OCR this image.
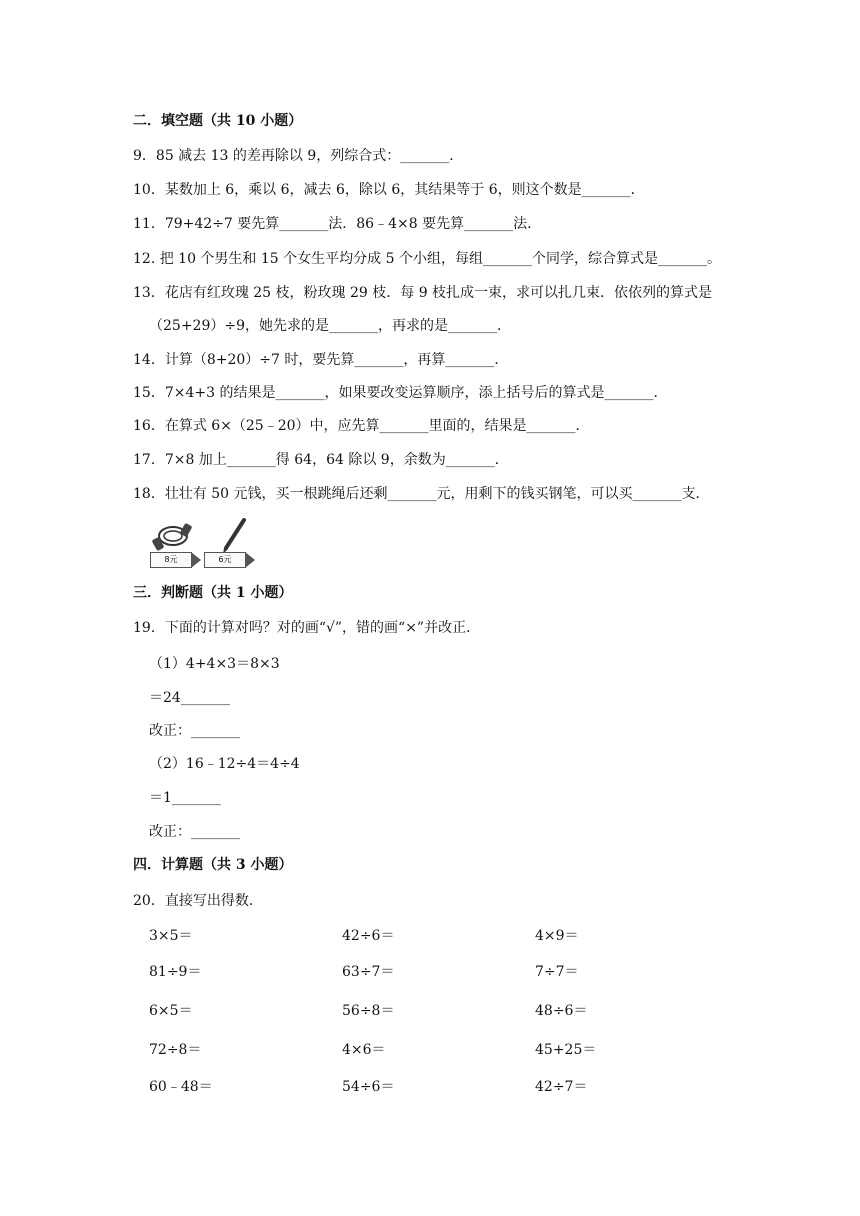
二．填空题（共 10 小题）
9．85 减去 13 的差再除以 9，列综合式：_______．
10．某数加上 6，乘以 6，减去 6，除以 6，其结果等于 6，则这个数是_______．
11．79+42÷7 要先算_______法．86﹣4×8 要先算_______法．
12. 把 10 个男生和 15 个女生平均分成 5 个小组，每组_______个同学，综合算式是_______。
13．花店有红玫瑰 25 枝，粉玫瑰 29 枝．每 9 枝扎成一束，求可以扎几束．依依列的算式是
（25+29）÷9，她先求的是_______，再求的是_______．
14．计算（8+20）÷7 时，要先算_______，再算_______．
15．7×4+3 的结果是_______，如果要改变运算顺序，添上括号后的算式是_______．
16．在算式 6×（25﹣20）中，应先算_______里面的，结果是_______．
17．7×8 加上_______得 64，64 除以 9，余数为_______．
18．壮壮有 50 元钱，买一根跳绳后还剩_______元，用剩下的钱买钢笔，可以买_______支．
8元	6元
三．判断题（共 1 小题）
19．下面的计算对吗？对的画“√”，错的画“×”并改正．
（1）4+4×3＝8×3
＝24_______
改正：_______
（2）16﹣12÷4＝4÷4
＝1_______
改正：_______
四．计算题（共 3 小题）
20．直接写出得数．
3×5＝	42÷6＝	4×9＝
81÷9＝	63÷7＝	7÷7＝
6×5＝	56÷8＝	48÷6＝
72÷8＝	4×6＝	45+25＝
60﹣48＝	54÷6＝	42÷7＝
